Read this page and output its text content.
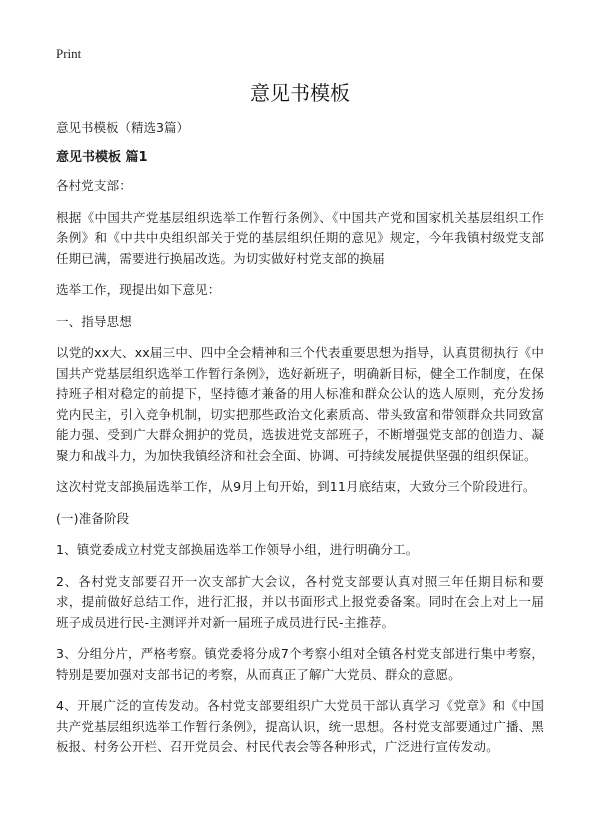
Print
意见书模板
意见书模板（精选3篇）
意见书模板 篇1

各村党支部：

根据《中国共产党基层组织选举工作暂行条例》、《中国共产党和国家机关基层组织工作条例》和《中共中央组织部关于党的基层组织任期的意见》规定，今年我镇村级党支部任期已满，需要进行换届改选。为切实做好村党支部的换届

选举工作，现提出如下意见：

一、指导思想

以党的xx大、xx届三中、四中全会精神和三个代表重要思想为指导，认真贯彻执行《中国共产党基层组织选举工作暂行条例》，选好新班子，明确新目标，健全工作制度，在保持班子相对稳定的前提下，坚持德才兼备的用人标准和群众公认的选人原则，充分发扬党内民主，引入竞争机制，切实把那些政治文化素质高、带头致富和带领群众共同致富能力强、受到广大群众拥护的党员，选拔进党支部班子，不断增强党支部的创造力、凝聚力和战斗力，为加快我镇经济和社会全面、协调、可持续发展提供坚强的组织保证。

这次村党支部换届选举工作，从9月上旬开始，到11月底结束，大致分三个阶段进行。

(一)准备阶段

1、镇党委成立村党支部换届选举工作领导小组，进行明确分工。

2、各村党支部要召开一次支部扩大会议，各村党支部要认真对照三年任期目标和要求，提前做好总结工作，进行汇报，并以书面形式上报党委备案。同时在会上对上一届班子成员进行民-主测评并对新一届班子成员进行民-主推荐。

3、分组分片，严格考察。镇党委将分成7个考察小组对全镇各村党支部进行集中考察，特别是要加强对支部书记的考察，从而真正了解广大党员、群众的意愿。

4、开展广泛的宣传发动。各村党支部要组织广大党员干部认真学习《党章》和《中国共产党基层组织选举工作暂行条例》，提高认识，统一思想。各村党支部要通过广播、黑板报、村务公开栏、召开党员会、村民代表会等各种形式，广泛进行宣传发动。
